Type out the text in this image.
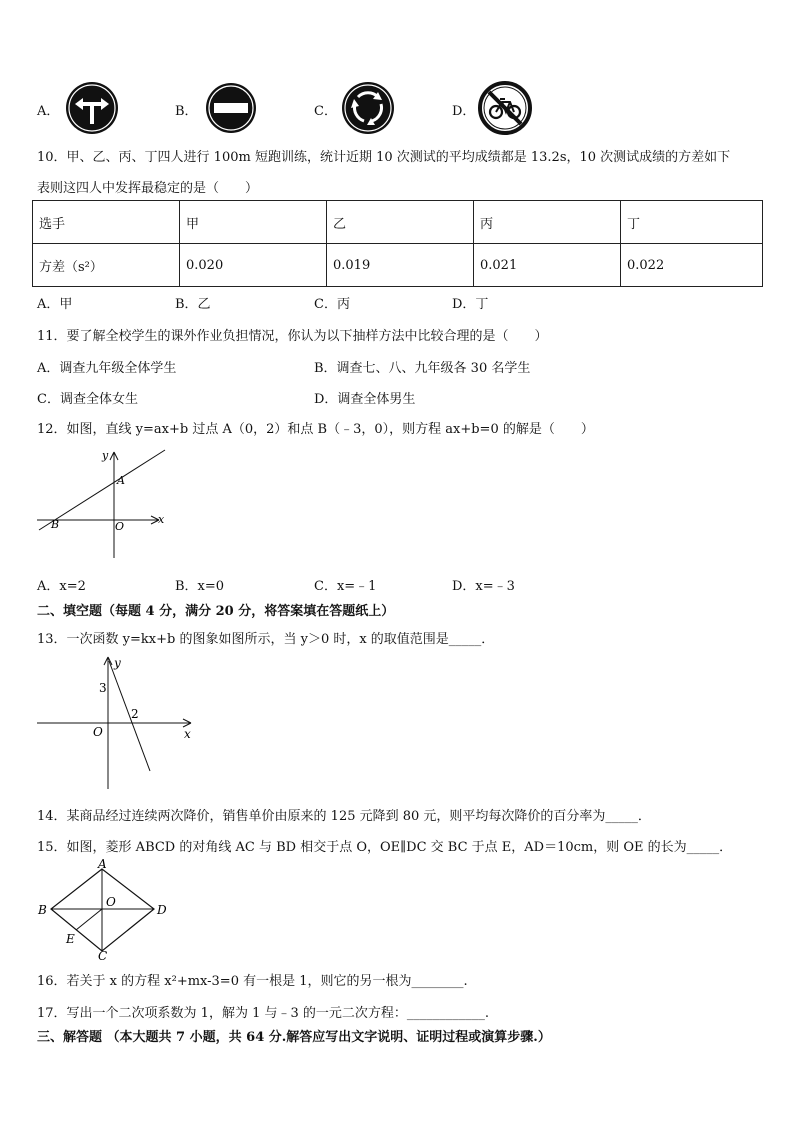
A．	B．	C．	D．
10．甲、乙、丙、丁四人进行 100m 短跑训练，统计近期 10 次测试的平均成绩都是 13.2s，10 次测试成绩的方差如下
表则这四人中发挥最稳定的是（　　）
选手	甲	乙	丙	丁
方差（s²）	0.020	0.019	0.021	0.022
A．甲	B．乙	C．丙	D．丁
11．要了解全校学生的课外作业负担情况，你认为以下抽样方法中比较合理的是（　　）
A．调查九年级全体学生	B．调查七、八、九年级各 30 名学生
C．调查全体女生	D．调查全体男生
12．如图，直线 y=ax+b 过点 A（0，2）和点 B（﹣3，0），则方程 ax+b=0 的解是（　　）
y
x
A
B	O
A．x=2	B．x=0	C．x=﹣1	D．x=﹣3
二、填空题（每题 4 分，满分 20 分，将答案填在答题纸上）
13．一次函数 y=kx+b 的图象如图所示，当 y＞0 时，x 的取值范围是_____．
y
x
O
3
2
14．某商品经过连续两次降价，销售单价由原来的 125 元降到 80 元，则平均每次降价的百分率为_____．
15．如图，菱形 ABCD 的对角线 AC 与 BD 相交于点 O，OE∥DC 交 BC 于点 E，AD＝10cm，则 OE 的长为_____．
A
B
C
D
O
E
16．若关于 x 的方程 x²+mx-3=0 有一根是 1，则它的另一根为________.
17．写出一个二次项系数为 1，解为 1 与﹣3 的一元二次方程：____________.
三、解答题 （本大题共 7 小题，共 64 分.解答应写出文字说明、证明过程或演算步骤.）
